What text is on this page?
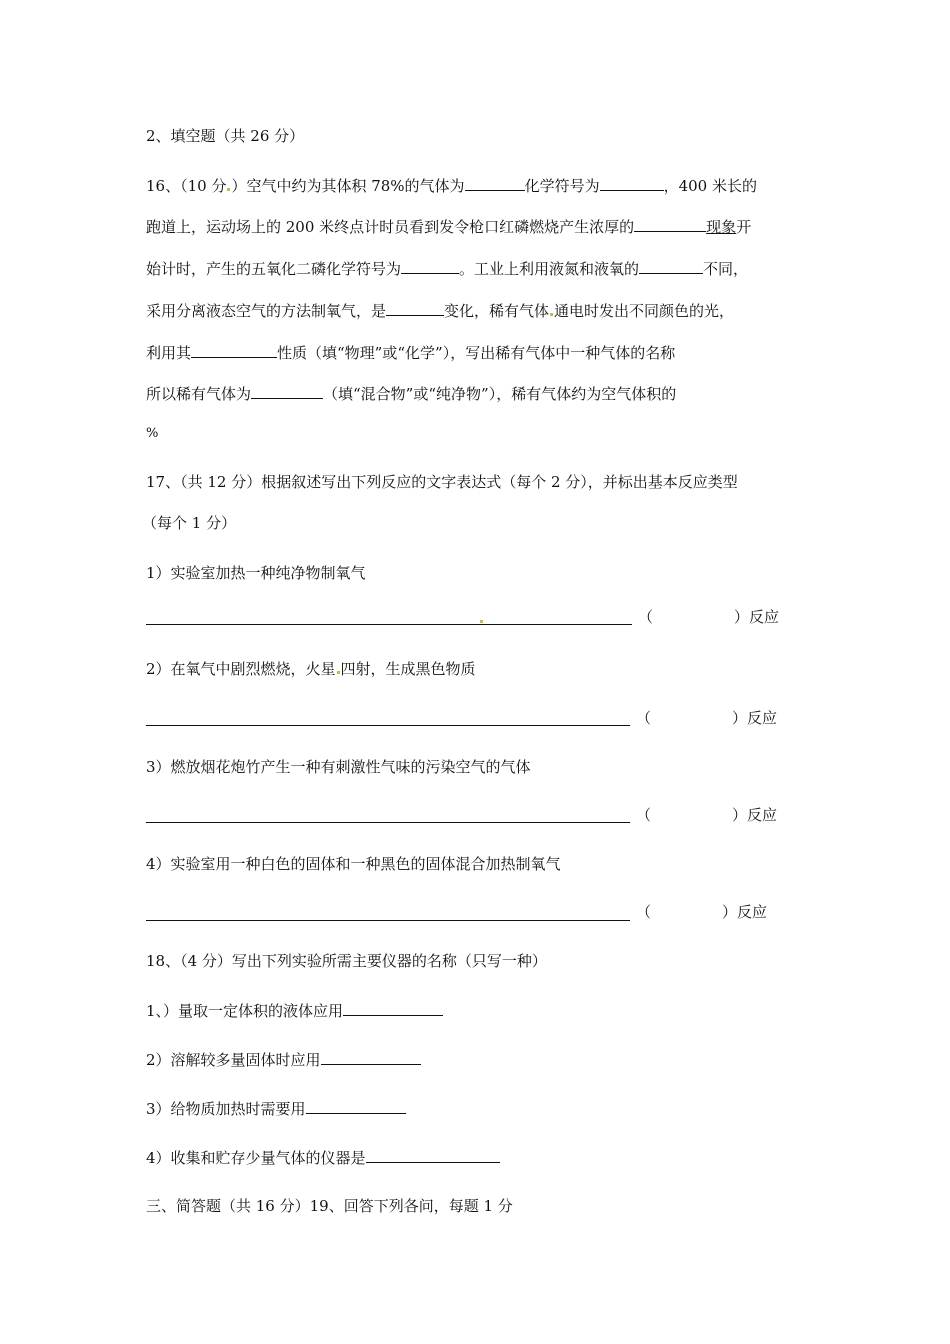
2、填空题（共 26 分）
16、（10 分 ）空气中约为其体积 78%的气体为	化学符号为	，400 米长的
跑道上，运动场上的 200 米终点计时员看到发令枪口红磷燃烧产生浓厚的	现象开
始计时，产生的五氧化二磷化学符号为	。工业上利用液氮和液氧的	不同，
采用分离液态空气的方法制氧气，是	变化，稀有气体 通电时发出不同颜色的光，
利用其	性质（填“物理”或“化学”），写出稀有气体中一种气体的名称
所以稀有气体为	（填“混合物”或“纯净物”），稀有气体约为空气体积的
%
17、（共 12 分）根据叙述写出下列反应的文字表达式（每个 2 分），并标出基本反应类型
（每个 1 分）
1）实验室加热一种纯净物制氧气
（	）反应
2）在氧气中剧烈燃烧，火星 四射，生成黑色物质
（	）反应
3）燃放烟花炮竹产生一种有刺激性气味的污染空气的气体
（	）反应
4）实验室用一种白色的固体和一种黑色的固体混合加热制氧气
（	）反应
18、（4 分）写出下列实验所需主要仪器的名称（只写一种）
1、）量取一定体积的液体应用
2）溶解较多量固体时应用
3）给物质加热时需要用
4）收集和贮存少量气体的仪器是
三、简答题（共 16 分）19、回答下列各问，每题 1 分
